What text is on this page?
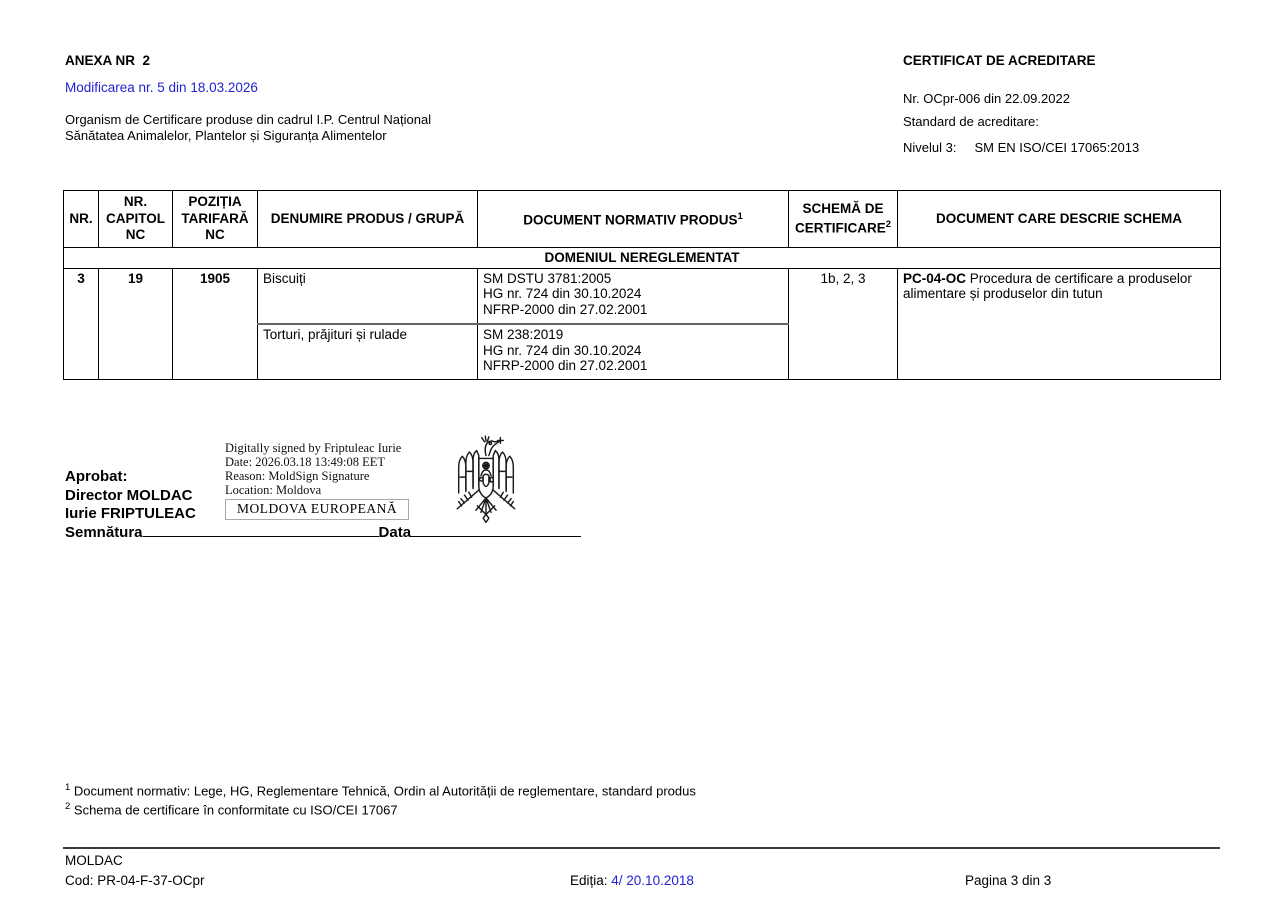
ANEXA NR  2
Modificarea nr. 5 din 18.03.2026
Organism de Certificare produse din cadrul I.P. Centrul Național
Sănătatea Animalelor, Plantelor și Siguranța Alimentelor
CERTIFICAT DE ACREDITARE
Nr. OCpr-006 din 22.09.2022
Standard de acreditare:
Nivelul 3: SM EN ISO/CEI 17065:2013
NR.	NR. CAPITOL NC	POZIȚIA TARIFARĂ NC	DENUMIRE PRODUS / GRUPĂ	DOCUMENT NORMATIV PRODUS$^1$	SCHEMĂ DE CERTIFICARE$^2$	DOCUMENT CARE DESCRIE SCHEMA
DOMENIUL NEREGLEMENTAT						
3	19	1905	Biscuiți	SM DSTU 3781:2005
HG nr. 724 din 30.10.2024
NFRP-2000 din 27.02.2001	1b, 2, 3	PC-04-OC Procedura de certificare a produselor alimentare și produselor din tutun
			Torturi, prăjituri și rulade	SM 238:2019
HG nr. 724 din 30.10.2024
NFRP-2000 din 27.02.2001		
Aprobat:
Director MOLDAC
Iurie FRIPTULEAC
Semnătura	Data
Digitally signed by Friptuleac Iurie
Date: 2026.03.18 13:49:08 EET
Reason: MoldSign Signature
Location: Moldova
MOLDOVA EUROPEANĂ
$^1$ Document normativ: Lege, HG, Reglementare Tehnică, Ordin al Autorității de reglementare, standard produs
$^2$ Schema de certificare în conformitate cu ISO/CEI 17067
MOLDAC
Cod: PR-04-F-37-OCpr	Ediția: 4/ 20.10.2018	Pagina 3 din 3
